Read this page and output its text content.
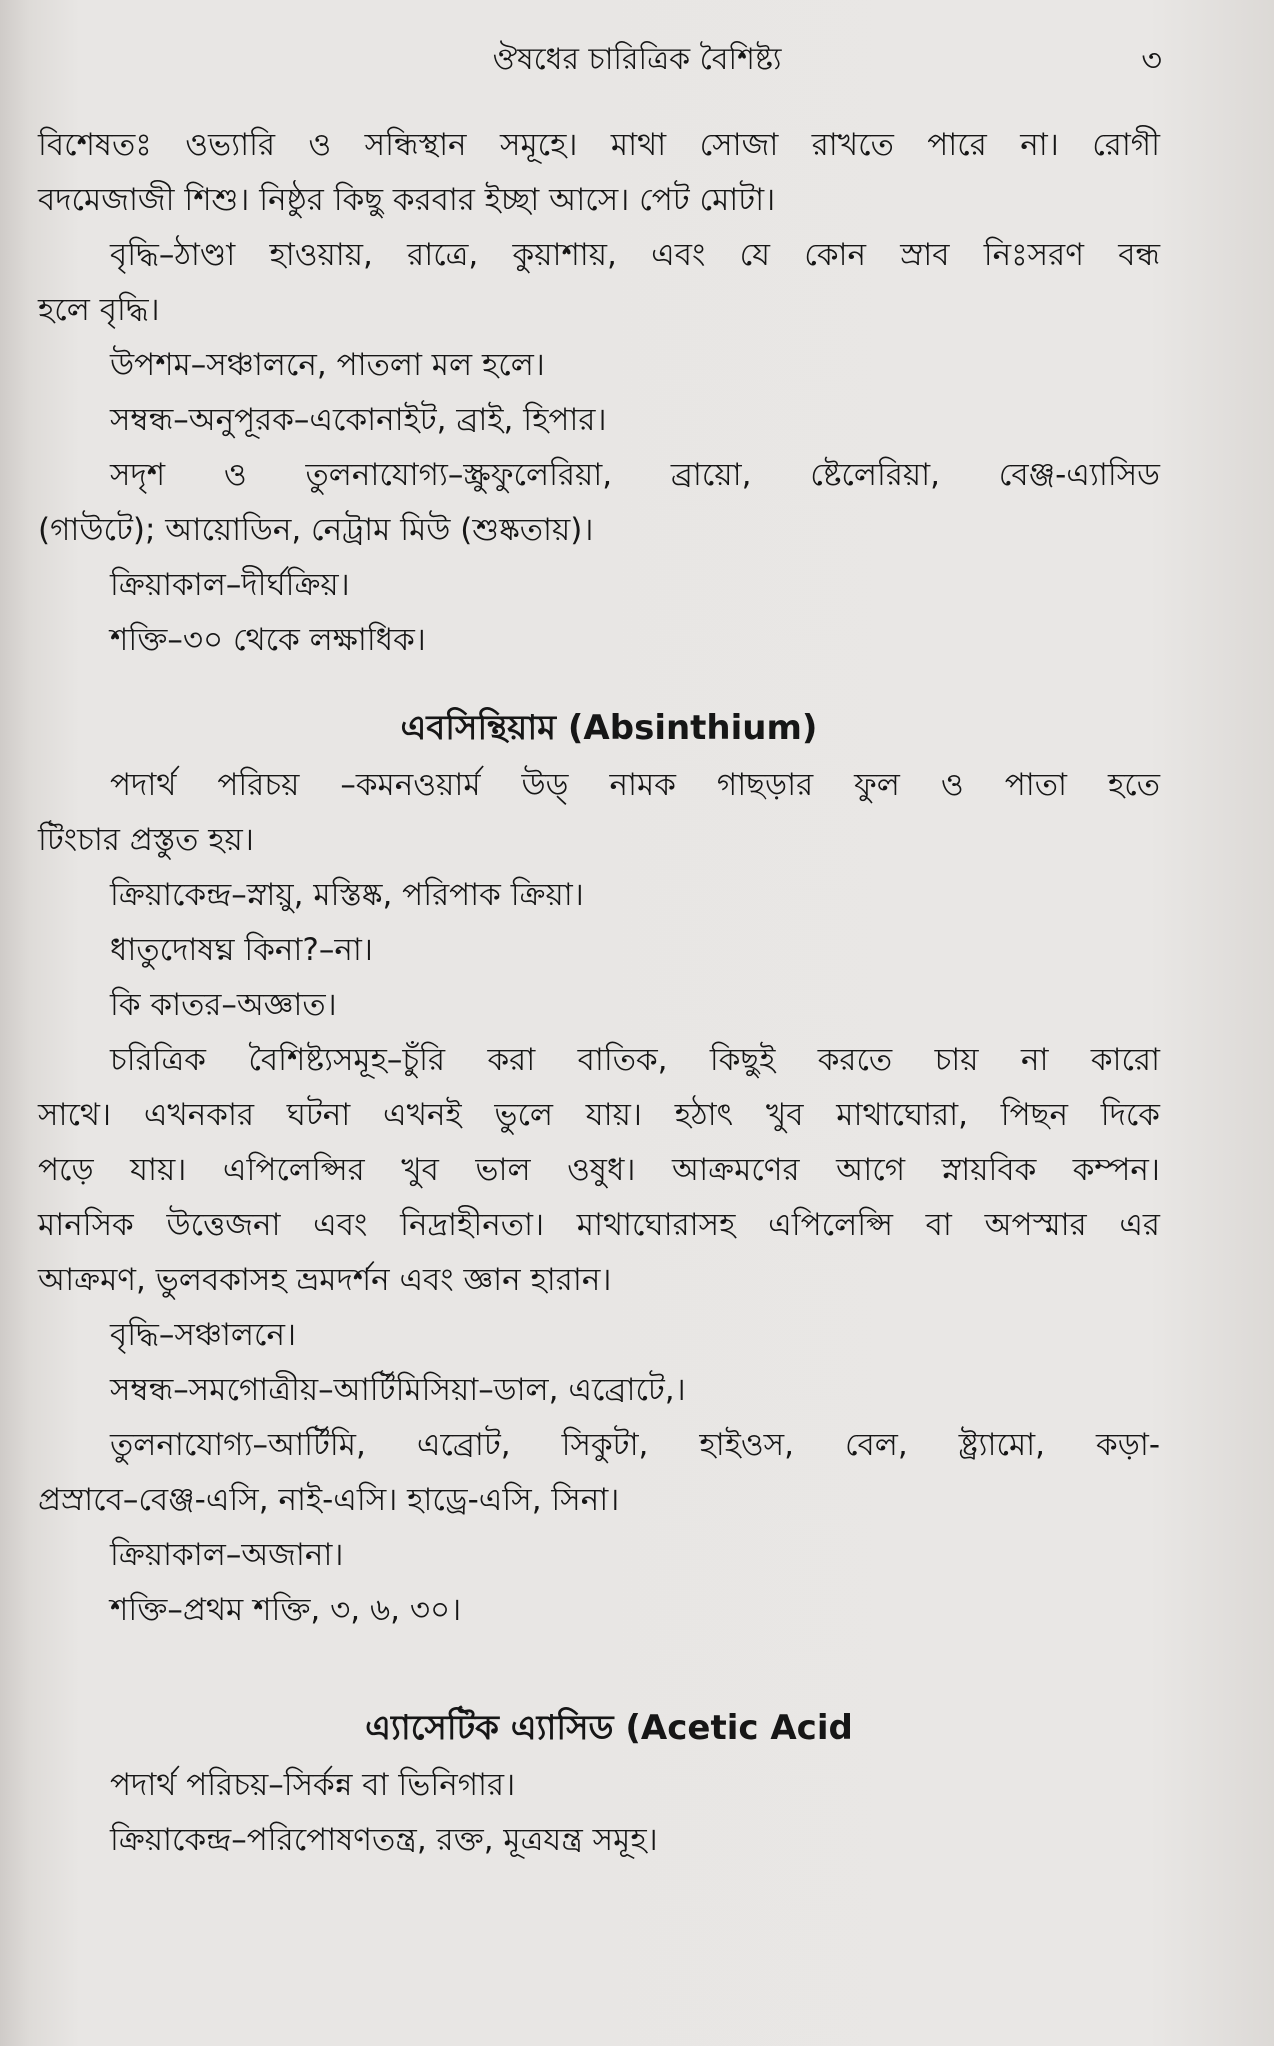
ঔষধের চারিত্রিক বৈশিষ্ট্য	৩
বিশেষতঃ ওভ্যারি ও সন্ধিস্থান সমূহে। মাথা সোজা রাখতে পারে না। রোগী
বদমেজাজী শিশু। নিষ্ঠুর কিছু করবার ইচ্ছা আসে। পেট মোটা।
বৃদ্ধি–ঠাণ্ডা হাওয়ায়, রাত্রে, কুয়াশায়, এবং যে কোন স্রাব নিঃসরণ বন্ধ
হলে বৃদ্ধি।
উপশম–সঞ্চালনে, পাতলা মল হলে।
সম্বন্ধ–অনুপূরক–একোনাইট, ব্রাই, হিপার।
সদৃশ ও তুলনাযোগ্য–স্ক্রুফুলেরিয়া, ব্রায়ো, ষ্টেলেরিয়া, বেঞ্জ-এ্যাসিড
(গাউটে); আয়োডিন, নেট্রাম মিউ (শুষ্কতায়)।
ক্রিয়াকাল–দীর্ঘক্রিয়।
শক্তি–৩০ থেকে লক্ষাধিক।
এবসিন্থিয়াম (Absinthium)
পদার্থ পরিচয় –কমনওয়ার্ম উড্‌ নামক গাছড়ার ফুল ও পাতা হতে
টিংচার প্রস্তুত হয়।
ক্রিয়াকেন্দ্র–স্নায়ু, মস্তিষ্ক, পরিপাক ক্রিয়া।
ধাতুদোষঘ্ন কিনা?–না।
কি কাতর–অজ্ঞাত।
চরিত্রিক বৈশিষ্ট্যসমূহ–চুঁরি করা বাতিক, কিছুই করতে চায় না কারো
সাথে। এখনকার ঘটনা এখনই ভুলে যায়। হঠাৎ খুব মাথাঘোরা, পিছন দিকে
পড়ে যায়। এপিলেপ্সির খুব ভাল ওষুধ। আক্রমণের আগে স্নায়বিক কম্পন।
মানসিক উত্তেজনা এবং নিদ্রাহীনতা। মাথাঘোরাসহ এপিলেপ্সি বা অপস্মার এর
আক্রমণ, ভুলবকাসহ ভ্রমদর্শন এবং জ্ঞান হারান।
বৃদ্ধি–সঞ্চালনে।
সম্বন্ধ–সমগোত্রীয়–আর্টিমিসিয়া–ডাল, এব্রোটে,।
তুলনাযোগ্য–আর্টিমি, এব্রোট, সিকুটা, হাইওস, বেল, ষ্ট্র্যামো, কড়া-
প্রস্রাবে–বেঞ্জ-এসি, নাই-এসি। হাড্রে-এসি, সিনা।
ক্রিয়াকাল–অজানা।
শক্তি–প্রথম শক্তি, ৩, ৬, ৩০।
এ্যাসেটিক এ্যাসিড (Acetic Acid
পদার্থ পরিচয়–সির্কন্ন বা ভিনিগার।
ক্রিয়াকেন্দ্র–পরিপোষণতন্ত্র, রক্ত, মূত্রযন্ত্র সমূহ।
